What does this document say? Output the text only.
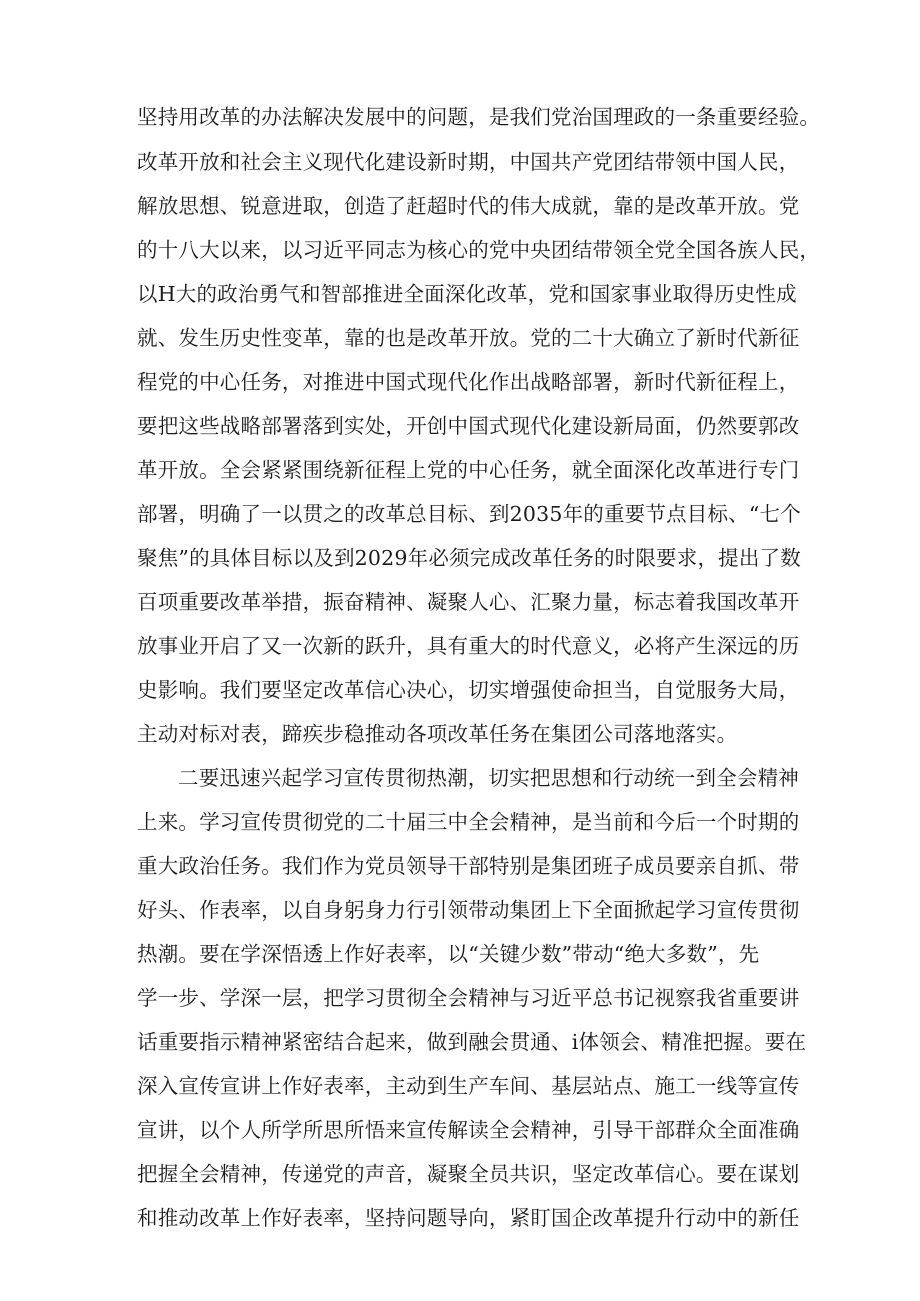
坚持用改革的办法解决发展中的问题，是我们党治国理政的一条重要经验。
改革开放和社会主义现代化建设新时期，中国共产党团结带领中国人民，
解放思想、锐意进取，创造了赶超时代的伟大成就，靠的是改革开放。党
的十八大以来，以习近平同志为核心的党中央团结带领全党全国各族人民，
以H大的政治勇气和智部推进全面深化改革，党和国家事业取得历史性成
就、发生历史性变革，靠的也是改革开放。党的二十大确立了新时代新征
程党的中心任务，对推进中国式现代化作出战略部署，新时代新征程上，
要把这些战略部署落到实处，开创中国式现代化建设新局面，仍然要郭改
革开放。全会紧紧围绕新征程上党的中心任务，就全面深化改革进行专门
部署，明确了一以贯之的改革总目标、到2035年的重要节点目标、“七个
聚焦”的具体目标以及到2029年必须完成改革任务的时限要求，提出了数
百项重要改革举措，振奋精神、凝聚人心、汇聚力量，标志着我国改革开
放事业开启了又一次新的跃升，具有重大的时代意义，必将产生深远的历
史影响。我们要坚定改革信心决心，切实增强使命担当，自觉服务大局，
主动对标对表，蹄疾步稳推动各项改革任务在集团公司落地落实。
二要迅速兴起学习宣传贯彻热潮，切实把思想和行动统一到全会精神
上来。学习宣传贯彻党的二十届三中全会精神，是当前和今后一个时期的
重大政治任务。我们作为党员领导干部特别是集团班子成员要亲自抓、带
好头、作表率，以自身躬身力行引领带动集团上下全面掀起学习宣传贯彻
热潮。要在学深悟透上作好表率，以“关键少数”带动“绝大多数”，先
学一步、学深一层，把学习贯彻全会精神与习近平总书记视察我省重要讲
话重要指示精神紧密结合起来，做到融会贯通、i体领会、精准把握。要在
深入宣传宣讲上作好表率，主动到生产车间、基层站点、施工一线等宣传
宣讲，以个人所学所思所悟来宣传解读全会精神，引导干部群众全面准确
把握全会精神，传递党的声音，凝聚全员共识，坚定改革信心。要在谋划
和推动改革上作好表率，坚持问题导向，紧盯国企改革提升行动中的新任
